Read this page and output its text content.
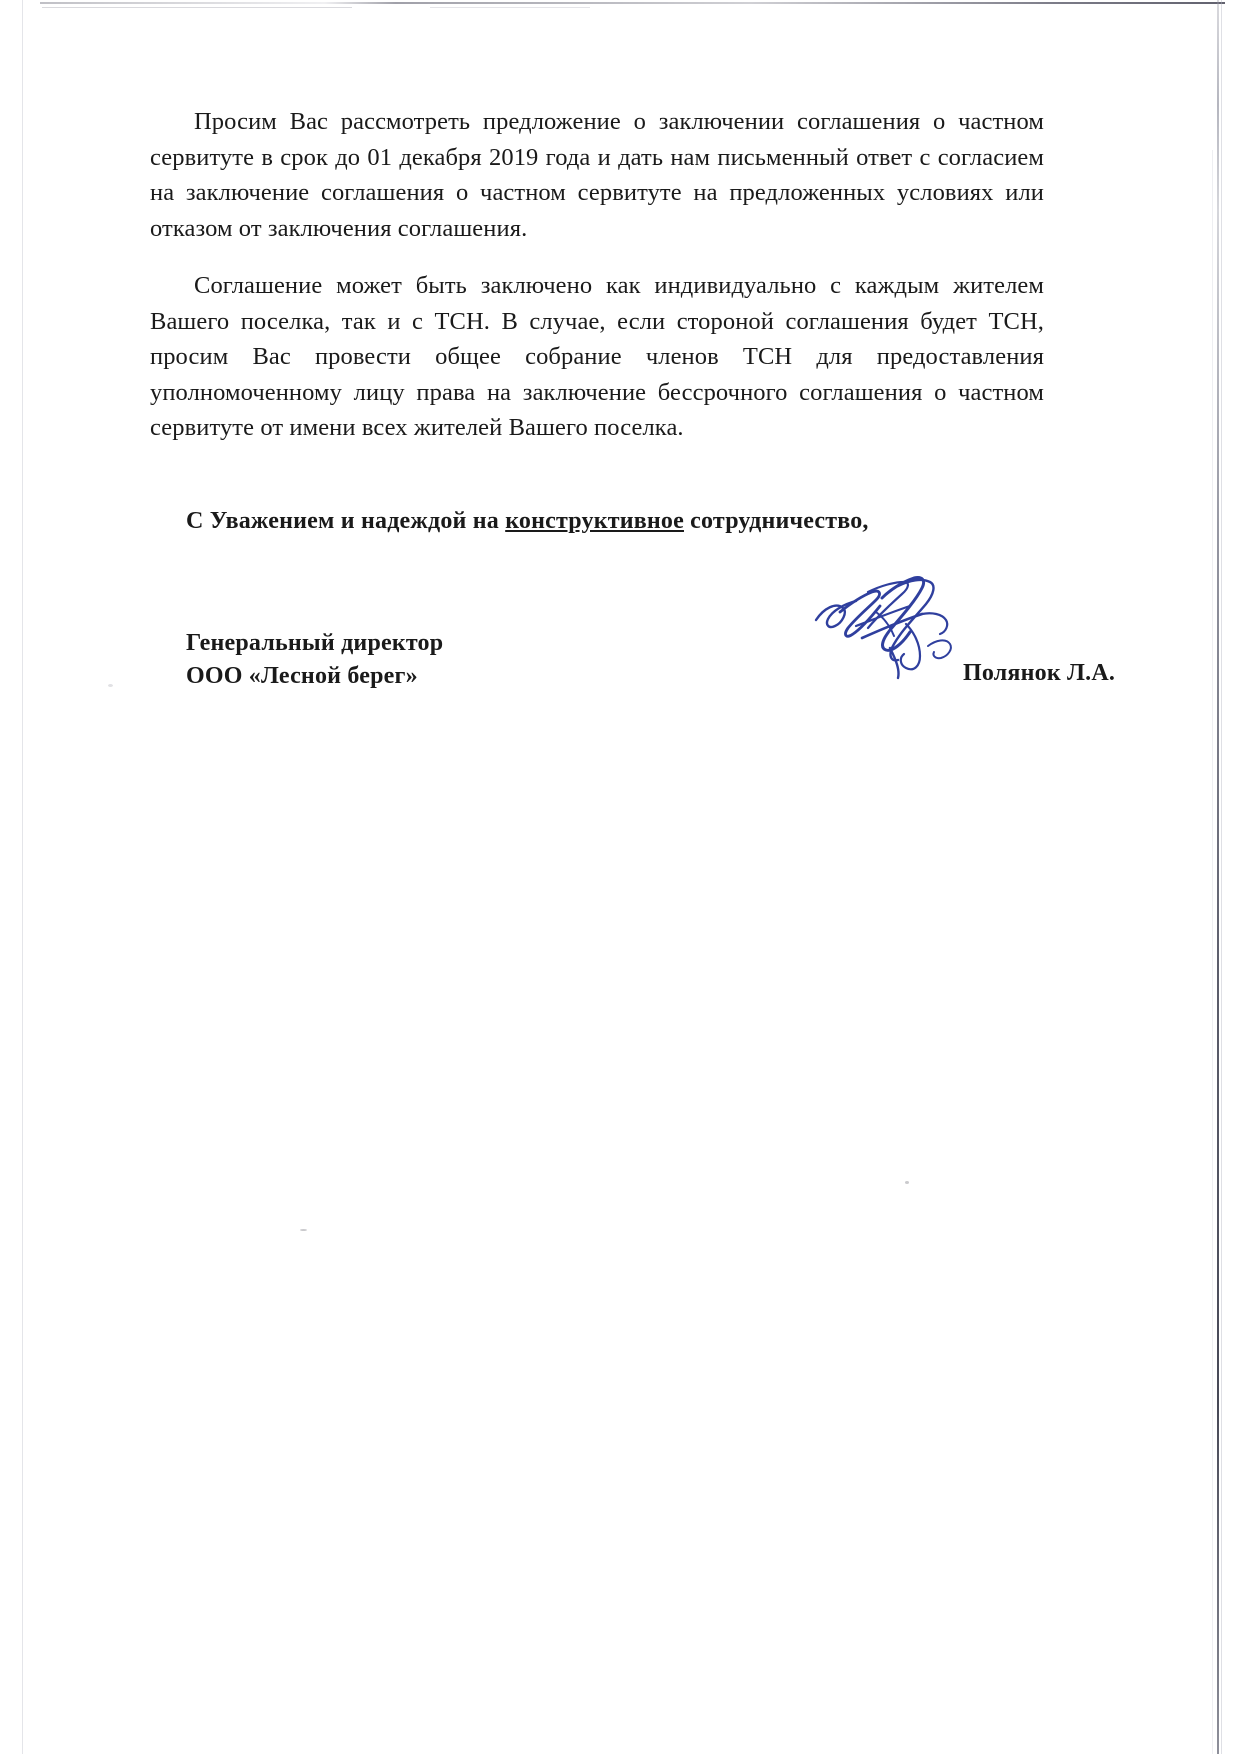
Просим Вас рассмотреть предложение о заключении соглашения о частном сервитуте в срок до 01 декабря 2019 года и дать нам письменный ответ с согласием на заключение соглашения о частном сервитуте на предложенных условиях или отказом от заключения соглашения.

Соглашение может быть заключено как индивидуально с каждым жителем Вашего поселка, так и с ТСН. В случае, если стороной соглашения будет ТСН, просим Вас провести общее собрание членов ТСН для предоставления уполномоченному лицу права на заключение бессрочного соглашения о частном сервитуте от имени всех жителей Вашего поселка.

С Уважением и надеждой на конструктивное сотрудничество,
Генеральный директор
ООО «Лесной берег»	Полянок Л.А.
